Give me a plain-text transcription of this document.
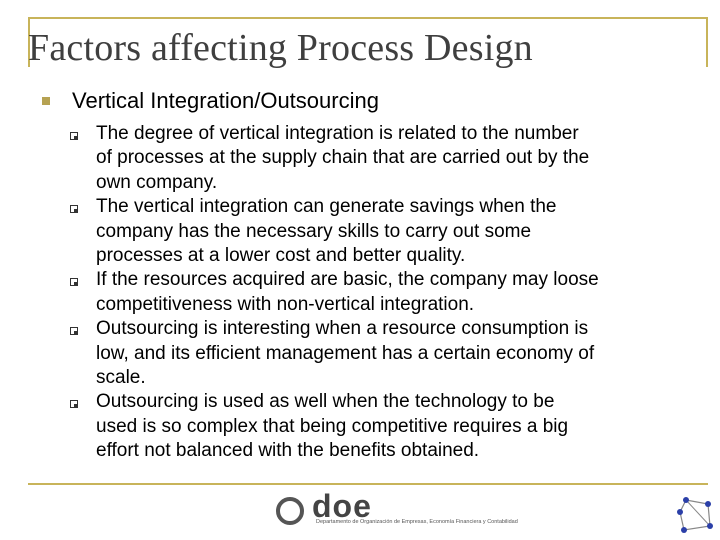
Factors affecting Process Design
Vertical Integration/Outsourcing
The degree of vertical integration is related to the number
of processes at the supply chain that are carried out by the
own company.
The vertical integration can generate savings when the
company has the necessary skills to carry out some
processes at a lower cost and better quality.
If the resources acquired are basic, the company may loose
competitiveness with non-vertical integration.
Outsourcing is interesting when a resource consumption is
low, and its efficient management has a certain economy of
scale.
Outsourcing is used as well when the technology to be
used is so complex that being competitive requires a big
effort not balanced with the benefits obtained.
doe
Departamento de Organización de Empresas, Economía Financiera y Contabilidad
